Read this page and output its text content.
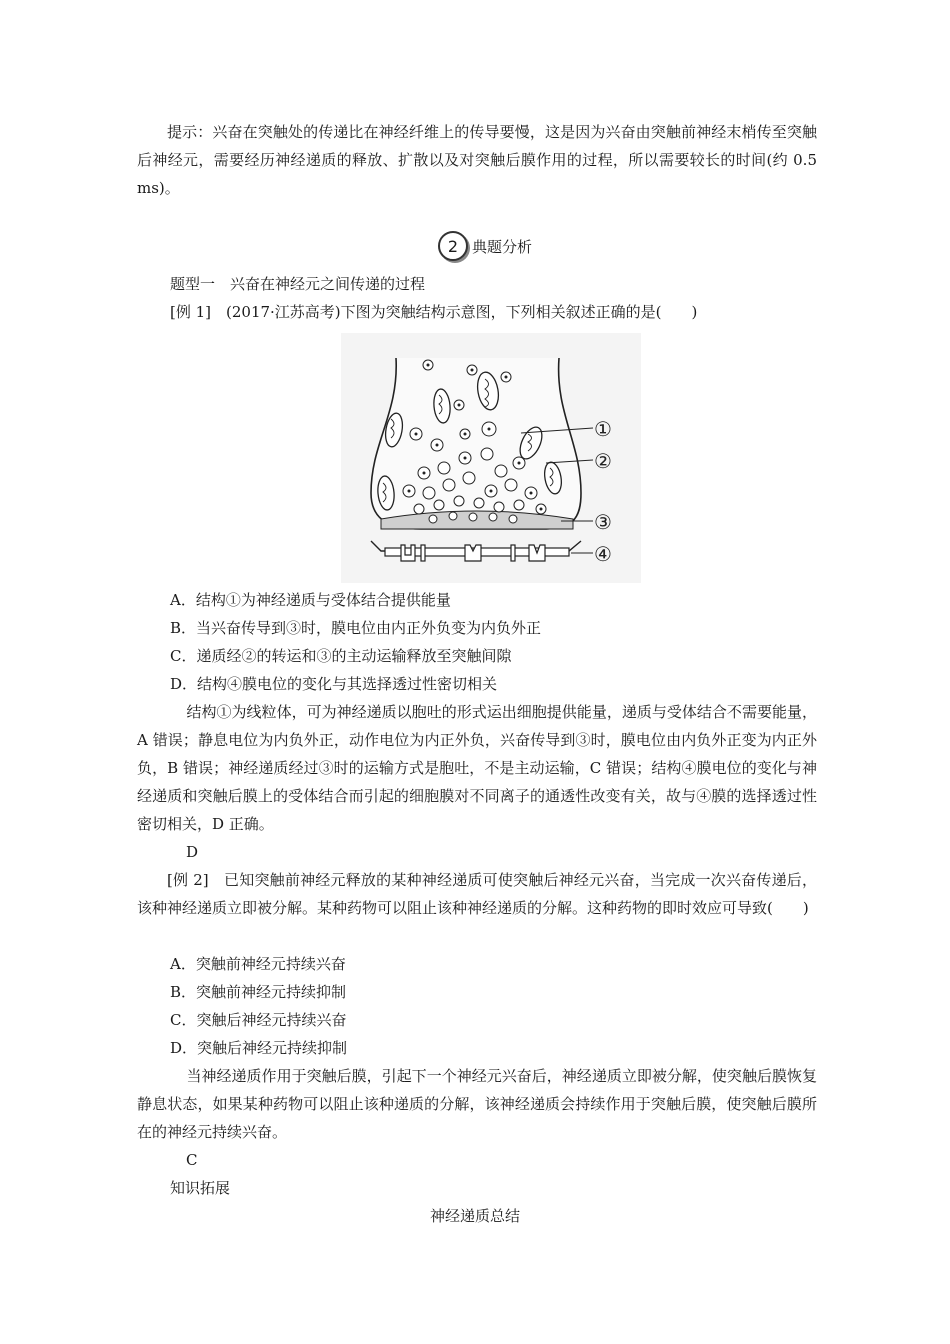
提示：兴奋在突触处的传递比在神经纤维上的传导要慢，这是因为兴奋由突触前神经末梢传至突触后神经元，需要经历神经递质的释放、扩散以及对突触后膜作用的过程，所以需要较长的时间(约 0.5 ms)。
2 典题分析
题型一　兴奋在神经元之间传递的过程
[例 1]　(2017·江苏高考)下图为突触结构示意图，下列相关叙述正确的是(　　)
①
②
③
④
A．结构①为神经递质与受体结合提供能量
B．当兴奋传导到③时，膜电位由内正外负变为内负外正
C．递质经②的转运和③的主动运输释放至突触间隙
D．结构④膜电位的变化与其选择透过性密切相关
结构①为线粒体，可为神经递质以胞吐的形式运出细胞提供能量，递质与受体结合不需要能量，A 错误；静息电位为内负外正，动作电位为内正外负，兴奋传导到③时，膜电位由内负外正变为内正外负，B 错误；神经递质经过③时的运输方式是胞吐，不是主动运输，C 错误；结构④膜电位的变化与神经递质和突触后膜上的受体结合而引起的细胞膜对不同离子的通透性改变有关，故与④膜的选择透过性密切相关，D 正确。
D
[例 2]　已知突触前神经元释放的某种神经递质可使突触后神经元兴奋，当完成一次兴奋传递后，该种神经递质立即被分解。某种药物可以阻止该种神经递质的分解。这种药物的即时效应可导致(　　)
A．突触前神经元持续兴奋
B．突触前神经元持续抑制
C．突触后神经元持续兴奋
D．突触后神经元持续抑制
当神经递质作用于突触后膜，引起下一个神经元兴奋后，神经递质立即被分解，使突触后膜恢复静息状态，如果某种药物可以阻止该种递质的分解，该神经递质会持续作用于突触后膜，使突触后膜所在的神经元持续兴奋。
C
知识拓展
神经递质总结
